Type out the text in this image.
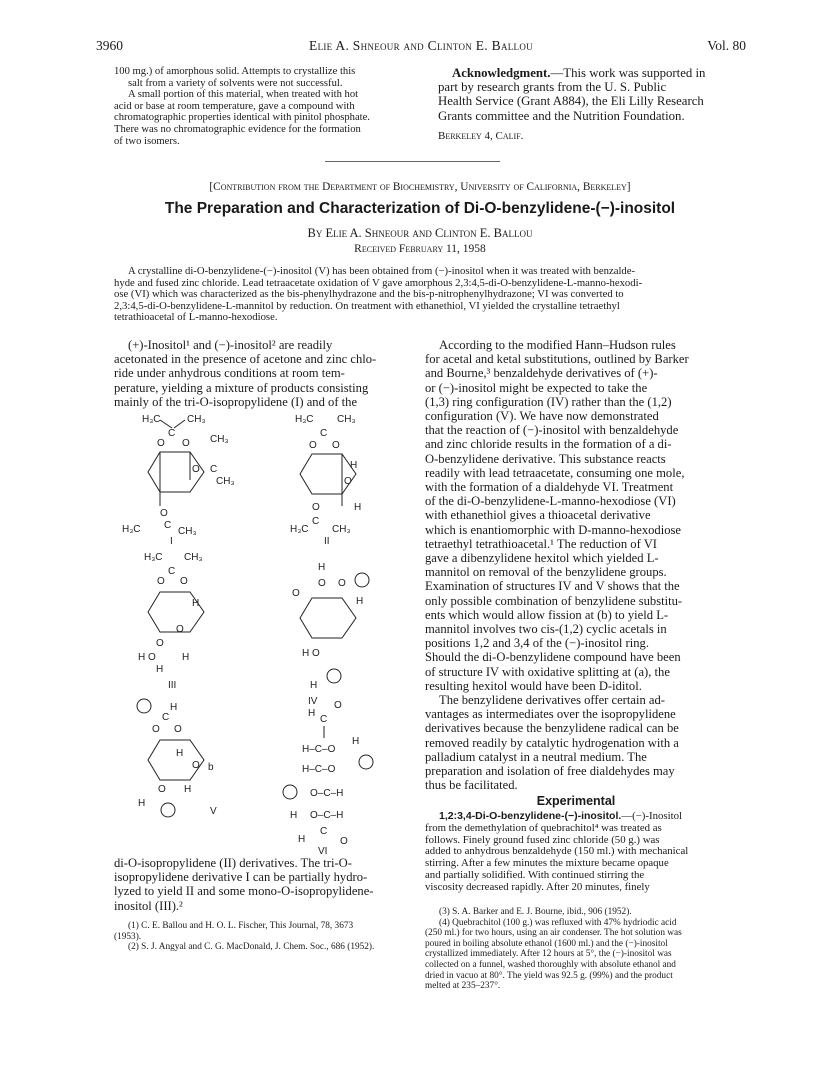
3960	Elie A. Shneour and Clinton E. Ballou	Vol. 80

100 mg.) of amorphous solid. Attempts to crystallize this

salt from a variety of solvents were not successful.

A small portion of this material, when treated with hot

acid or base at room temperature, gave a compound with

chromatographic properties identical with pinitol phosphate.

There was no chromatographic evidence for the formation

of two isomers.

Acknowledgment.—This work was supported in

part by research grants from the U. S. Public

Health Service (Grant A884), the Eli Lilly Research

Grants committee and the Nutrition Foundation.

Berkeley 4, Calif.

[Contribution from the Department of Biochemistry, University of California, Berkeley]
The Preparation and Characterization of Di-O-benzylidene-(−)-inositol
By Elie A. Shneour and Clinton E. Ballou
Received February 11, 1958

A crystalline di-O-benzylidene-(−)-inositol (V) has been obtained from (−)-inositol when it was treated with benzalde-

hyde and fused zinc chloride. Lead tetraacetate oxidation of V gave amorphous 2,3:4,5-di-O-benzylidene-L-manno-hexodi-

ose (VI) which was characterized as the bis-phenylhydrazone and the bis-p-nitrophenylhydrazone; VI was converted to

2,3:4,5-di-O-benzylidene-L-mannitol by reduction. On treatment with ethanethiol, VI yielded the crystalline tetraethyl

tetrathioacetal of L-manno-hexodiose.

(+)-Inositol¹ and (−)-inositol² are readily

acetonated in the presence of acetone and zinc chlo-

ride under anhydrous conditions at room tem-

perature, yielding a mixture of products consisting

mainly of the tri-O-isopropylidene (I) and of the

H₃C	CH₃
C
O O CH₃
O C
CH₃
O
C
H₃C	CH₃
I
H₃C CH₃
C
O O
H
O
O	H
C
H₃C CH₃
II
H₃C CH₃
C
O O
H
O
O
H O	H
H
III
H
O O
O
H
H O
H
IV
H
C
O O
H
O b
O H
H
V
H
O
C
H–C–O
H
H–C–O
O–C–H
H O–C–H
C
H	O
VI

di-O-isopropylidene (II) derivatives. The tri-O-

isopropylidene derivative I can be partially hydro-

lyzed to yield II and some mono-O-isopropylidene-

inositol (III).²

(1) C. E. Ballou and H. O. L. Fischer, This Journal, 78, 3673

(1953).

(2) S. J. Angyal and C. G. MacDonald, J. Chem. Soc., 686 (1952).

According to the modified Hann–Hudson rules

for acetal and ketal substitutions, outlined by Barker

and Bourne,³ benzaldehyde derivatives of (+)-

or (−)-inositol might be expected to take the

(1,3) ring configuration (IV) rather than the (1,2)

configuration (V). We have now demonstrated

that the reaction of (−)-inositol with benzaldehyde

and zinc chloride results in the formation of a di-

O-benzylidene derivative. This substance reacts

readily with lead tetraacetate, consuming one mole,

with the formation of a dialdehyde VI. Treatment

of the di-O-benzylidene-L-manno-hexodiose (VI)

with ethanethiol gives a thioacetal derivative

which is enantiomorphic with D-manno-hexodiose

tetraethyl tetrathioacetal.¹ The reduction of VI

gave a dibenzylidene hexitol which yielded L-

mannitol on removal of the benzylidene groups.

Examination of structures IV and V shows that the

only possible combination of benzylidene substitu-

ents which would allow fission at (b) to yield L-

mannitol involves two cis-(1,2) cyclic acetals in

positions 1,2 and 3,4 of the (−)-inositol ring.

Should the di-O-benzylidene compound have been

of structure IV with oxidative splitting at (a), the

resulting hexitol would have been D-iditol.

The benzylidene derivatives offer certain ad-

vantages as intermediates over the isopropylidene

derivatives because the benzylidene radical can be

removed readily by catalytic hydrogenation with a

palladium catalyst in a neutral medium. The

preparation and isolation of free dialdehydes may

thus be facilitated.

Experimental

1,2:3,4-Di-O-benzylidene-(−)-inositol.—(−)-Inositol

from the demethylation of quebrachitol⁴ was treated as

follows. Finely ground fused zinc chloride (50 g.) was

added to anhydrous benzaldehyde (150 ml.) with mechanical

stirring. After a few minutes the mixture became opaque

and partially solidified. With continued stirring the

viscosity decreased rapidly. After 20 minutes, finely

(3) S. A. Barker and E. J. Bourne, ibid., 906 (1952).

(4) Quebrachitol (100 g.) was refluxed with 47% hydriodic acid

(250 ml.) for two hours, using an air condenser. The hot solution was

poured in boiling absolute ethanol (1600 ml.) and the (−)-inositol

crystallized immediately. After 12 hours at 5°, the (−)-inositol was

collected on a funnel, washed thoroughly with absolute ethanol and

dried in vacuo at 80°. The yield was 92.5 g. (99%) and the product

melted at 235–237°.
